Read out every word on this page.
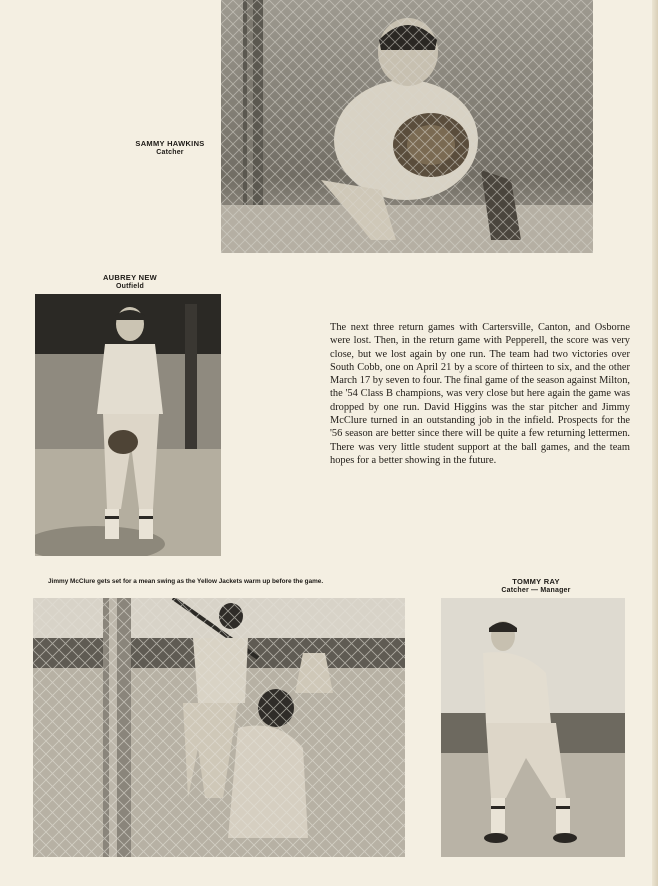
SAMMY HAWKINS
Catcher
AUBREY NEW
Outfield
The next three return games with Cartersville, Canton, and Osborne were lost. Then, in the return game with Pepperell, the score was very close, but we lost again by one run. The team had two victories over South Cobb, one on April 21 by a score of thirteen to six, and the other March 17 by seven to four. The final game of the season against Milton, the '54 Class B champions, was very close but here again the game was dropped by one run. David Higgins was the star pitcher and Jimmy McClure turned in an outstanding job in the infield. Prospects for the '56 season are better since there will be quite a few returning lettermen. There was very little student support at the ball games, and the team hopes for a better showing in the future.
Jimmy McClure gets set for a mean swing as the Yellow Jackets warm up before the game.	TOMMY RAY
Catcher — Manager
